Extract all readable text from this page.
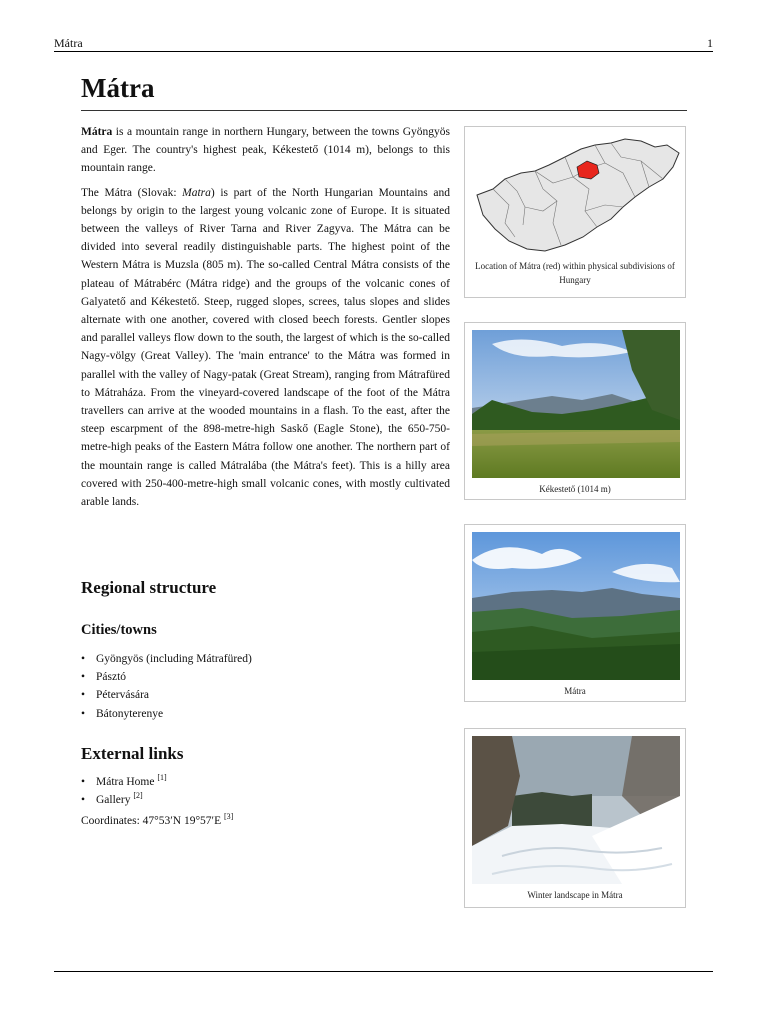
Mátra	1
Mátra

Mátra is a mountain range in northern Hungary, between the towns Gyöngyös and Eger. The country's highest peak, Kékestető (1014 m), belongs to this mountain range.

The Mátra (Slovak: Matra) is part of the North Hungarian Mountains and belongs by origin to the largest young volcanic zone of Europe. It is situated between the valleys of River Tarna and River Zagyva. The Mátra can be divided into several readily distinguishable parts. The highest point of the Western Mátra is Muzsla (805 m). The so-called Central Mátra consists of the plateau of Mátrabérc (Mátra ridge) and the groups of the volcanic cones of Galyatető and Kékestető. Steep, rugged slopes, screes, talus slopes and slides alternate with one another, covered with closed beech forests. Gentler slopes and parallel valleys flow down to the south, the largest of which is the so-called Nagy-völgy (Great Valley). The 'main entrance' to the Mátra was formed in parallel with the valley of Nagy-patak (Great Stream), ranging from Mátrafüred to Mátraháza. From the vineyard-covered landscape of the foot of the Mátra travellers can arrive at the wooded mountains in a flash. To the east, after the steep escarpment of the 898-metre-high Saskő (Eagle Stone), the 650-750-metre-high peaks of the Eastern Mátra follow one another. The northern part of the mountain range is called Mátralába (the Mátra's feet). This is a hilly area covered with 250-400-metre-high small volcanic cones, with mostly cultivated arable lands.

Regional structure
Cities/towns
• Gyöngyös (including Mátrafüred)
• Pásztó
• Pétervására
• Bátonyterenye
External links
• Mátra Home [1]
• Gallery [2]
Coordinates: 47°53′N 19°57′E [3]
Location of Mátra (red) within physical subdivisions of Hungary
Kékestető (1014 m)
Mátra
Winter landscape in Mátra
